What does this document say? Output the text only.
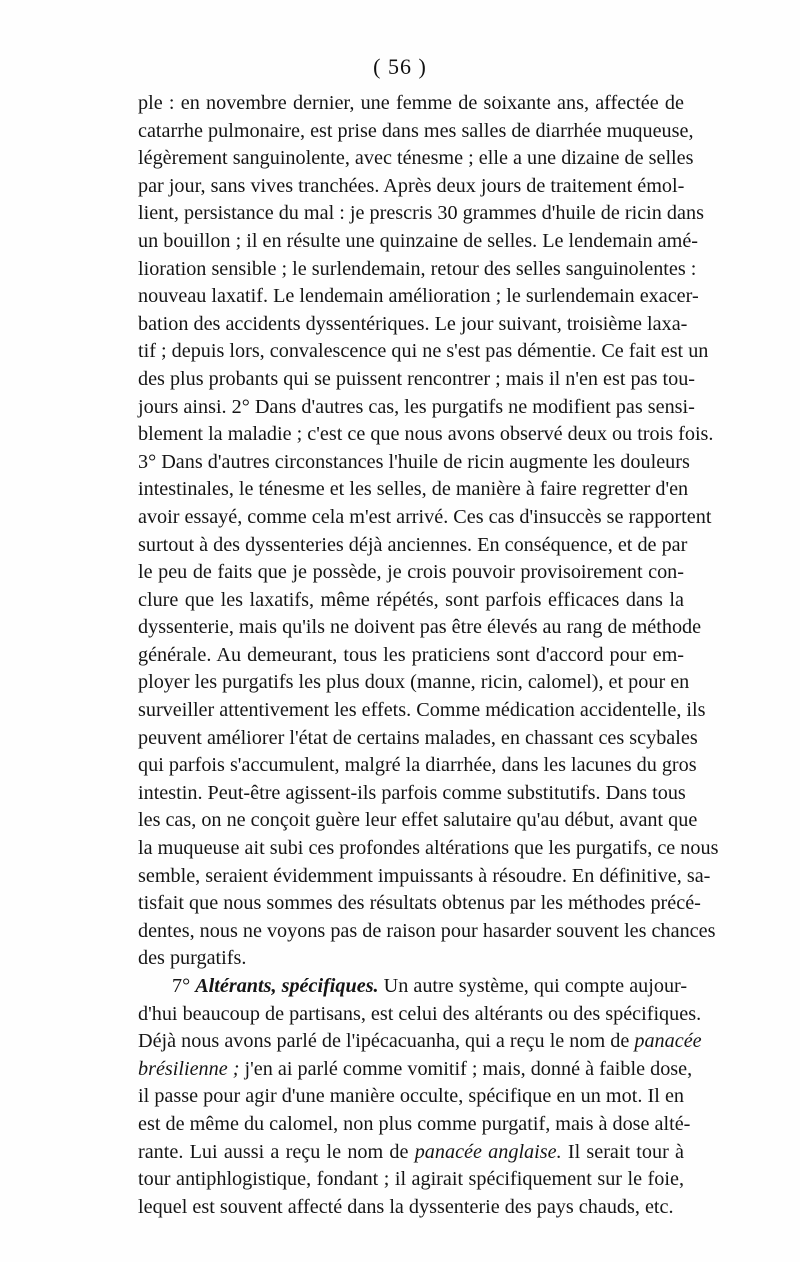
( 56 )
ple : en novembre dernier, une femme de soixante ans, affectée de
catarrhe pulmonaire, est prise dans mes salles de diarrhée muqueuse,
légèrement sanguinolente, avec ténesme ; elle a une dizaine de selles
par jour, sans vives tranchées. Après deux jours de traitement émol-
lient, persistance du mal : je prescris 30 grammes d'huile de ricin dans
un bouillon ; il en résulte une quinzaine de selles. Le lendemain amé-
lioration sensible ; le surlendemain, retour des selles sanguinolentes :
nouveau laxatif. Le lendemain amélioration ; le surlendemain exacer-
bation des accidents dyssentériques. Le jour suivant, troisième laxa-
tif ; depuis lors, convalescence qui ne s'est pas démentie. Ce fait est un
des plus probants qui se puissent rencontrer ; mais il n'en est pas tou-
jours ainsi. 2° Dans d'autres cas, les purgatifs ne modifient pas sensi-
blement la maladie ; c'est ce que nous avons observé deux ou trois fois.
3° Dans d'autres circonstances l'huile de ricin augmente les douleurs
intestinales, le ténesme et les selles, de manière à faire regretter d'en
avoir essayé, comme cela m'est arrivé. Ces cas d'insuccès se rapportent
surtout à des dyssenteries déjà anciennes. En conséquence, et de par
le peu de faits que je possède, je crois pouvoir provisoirement con-
clure que les laxatifs, même répétés, sont parfois efficaces dans la
dyssenterie, mais qu'ils ne doivent pas être élevés au rang de méthode
générale. Au demeurant, tous les praticiens sont d'accord pour em-
ployer les purgatifs les plus doux (manne, ricin, calomel), et pour en
surveiller attentivement les effets. Comme médication accidentelle, ils
peuvent améliorer l'état de certains malades, en chassant ces scybales
qui parfois s'accumulent, malgré la diarrhée, dans les lacunes du gros
intestin. Peut-être agissent-ils parfois comme substitutifs. Dans tous
les cas, on ne conçoit guère leur effet salutaire qu'au début, avant que
la muqueuse ait subi ces profondes altérations que les purgatifs, ce nous
semble, seraient évidemment impuissants à résoudre. En définitive, sa-
tisfait que nous sommes des résultats obtenus par les méthodes précé-
dentes, nous ne voyons pas de raison pour hasarder souvent les chances
des purgatifs.
7° Altérants, spécifiques. Un autre système, qui compte aujour-
d'hui beaucoup de partisans, est celui des altérants ou des spécifiques.
Déjà nous avons parlé de l'ipécacuanha, qui a reçu le nom de panacée
brésilienne ; j'en ai parlé comme vomitif ; mais, donné à faible dose,
il passe pour agir d'une manière occulte, spécifique en un mot. Il en
est de même du calomel, non plus comme purgatif, mais à dose alté-
rante. Lui aussi a reçu le nom de panacée anglaise. Il serait tour à
tour antiphlogistique, fondant ; il agirait spécifiquement sur le foie,
lequel est souvent affecté dans la dyssenterie des pays chauds, etc.
